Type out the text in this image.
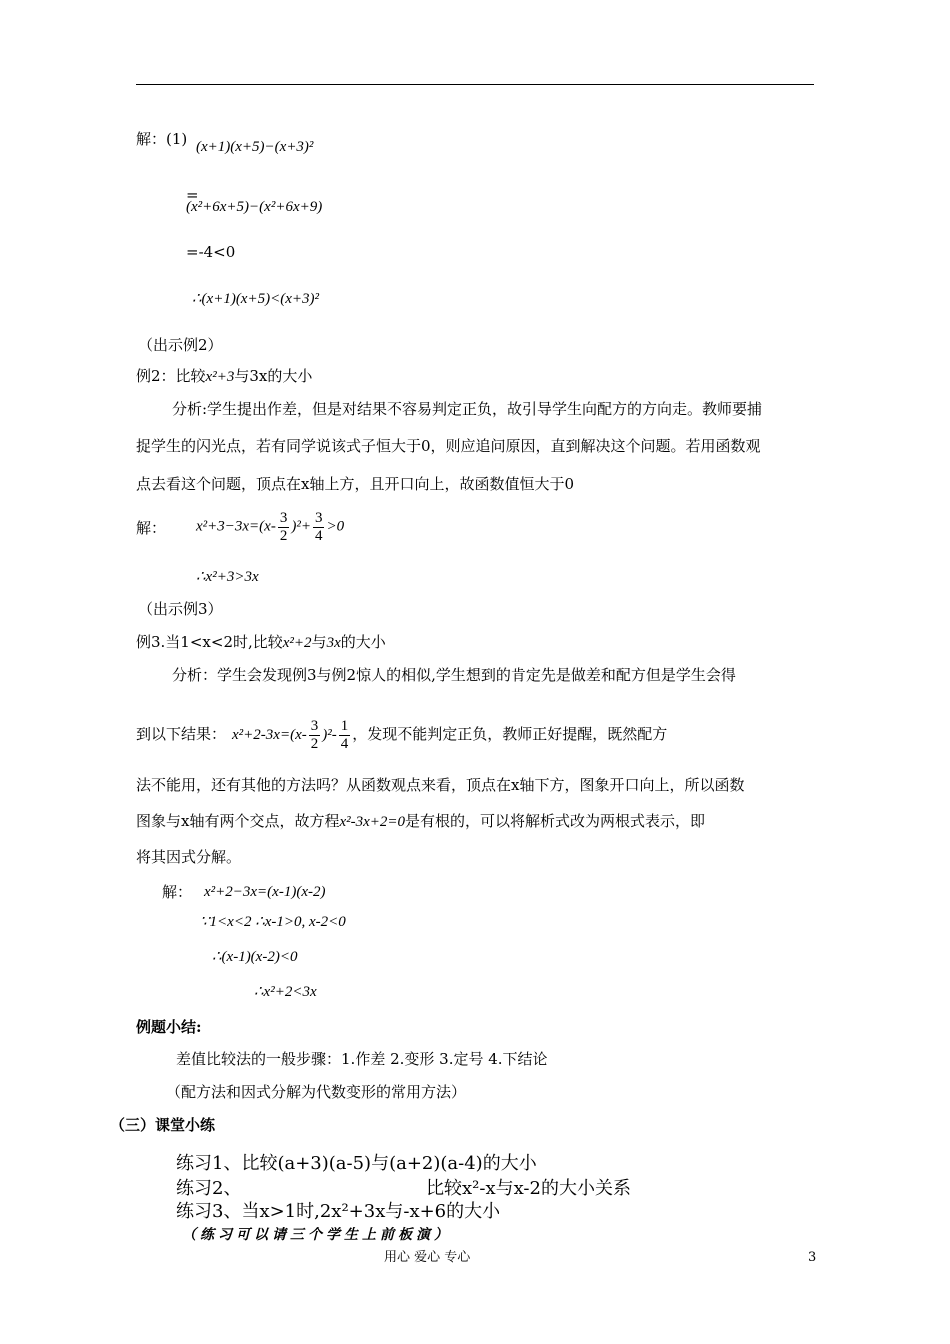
解：(1) (x+1)(x+5)−(x+3)²
=
(x²+6x+5)−(x²+6x+9)
=-4<0
∴(x+1)(x+5)<(x+3)²
（出示例2）
例2：比较x²+3与3x的大小
分析:学生提出作差，但是对结果不容易判定正负，故引导学生向配方的方向走。教师要捕
捉学生的闪光点，若有同学说该式子恒大于0，则应追问原因，直到解决这个问题。若用函数观
点去看这个问题，顶点在x轴上方，且开口向上，故函数值恒大于0
解： $x^2+3-3x=(x- \frac{3}{2} )^2+ \frac{3}{4} >0$
∴x²+3>3x
（出示例3）
例3.当1<x<2时,比较x²+2与3x的大小
分析：学生会发现例3与例2惊人的相似,学生想到的肯定先是做差和配方但是学生会得
到以下结果： $x^2+2-3x=(x- \frac{3}{2} )^2- \frac{1}{4}$ ，发现不能判定正负，教师正好提醒，既然配方
法不能用，还有其他的方法吗？从函数观点来看，顶点在x轴下方，图象开口向上，所以函数
图象与x轴有两个交点，故方程x²-3x+2=0是有根的，可以将解析式改为两根式表示，即
将其因式分解。
解： x²+2−3x=(x-1)(x-2)
∵1<x<2 ∴x-1>0, x-2<0
∴(x-1)(x-2)<0
∴x²+2<3x
例题小结:
差值比较法的一般步骤：1.作差 2.变形 3.定号 4.下结论
（配方法和因式分解为代数变形的常用方法）
（三）课堂小练
练习1、比较(a+3)(a-5)与(a+2)(a-4)的大小
练习2、	比较x²-x与x-2的大小关系
练习3、当x>1时,2x²+3x与-x+6的大小
（练习可以请三个学生上前板演）
用心 爱心 专心	3
